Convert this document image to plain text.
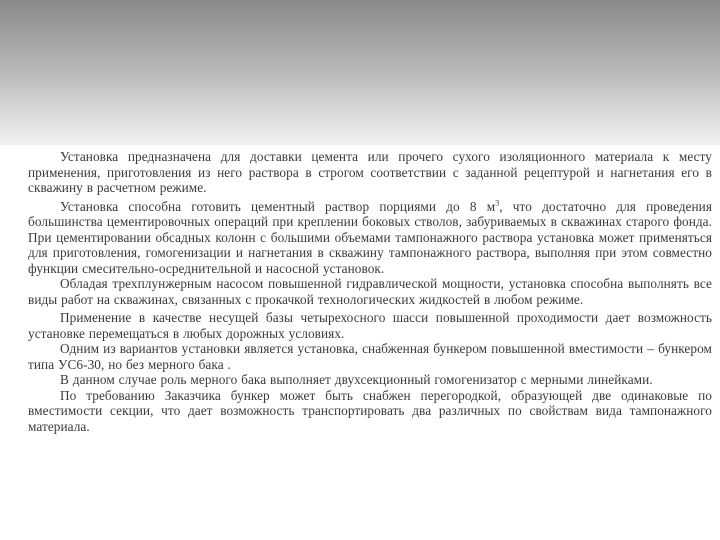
Установка предназначена для доставки цемента или прочего сухого изоляционного материала к месту применения, приготовления из него раствора в строгом соответствии с заданной рецептурой и нагнетания его в скважину в расчетном режиме.

Установка способна готовить цементный раствор порциями до 8 $м^3$, что достаточно для проведения большинства цементировочных операций при креплении боковых стволов, забуриваемых в скважинах старого фонда. При цементировании обсадных колонн с большими объемами тампонажного раствора установка может применяться для приготовления, гомогенизации и нагнетания в скважину тампонажного раствора, выполняя при этом совместно функции смесительно-осреднительной и насосной установок.

Обладая трехплунжерным насосом повышенной гидравлической мощности, установка способна выполнять все виды работ на скважинах, связанных с прокачкой технологических жидкостей в любом режиме.

Применение в качестве несущей базы четырехосного шасси повышенной проходимости дает возможность установке перемещаться в любых дорожных условиях.

Одним из вариантов установки является установка, снабженная бункером повышенной вместимости – бункером типа УС6-30, но без мерного бака .

В данном случае роль мерного бака выполняет двухсекционный гомогенизатор с мерными линейками.

По требованию Заказчика бункер может быть снабжен перегородкой, образующей две одинаковые по вместимости секции, что дает возможность транспортировать два различных по свойствам вида тампонажного материала.
